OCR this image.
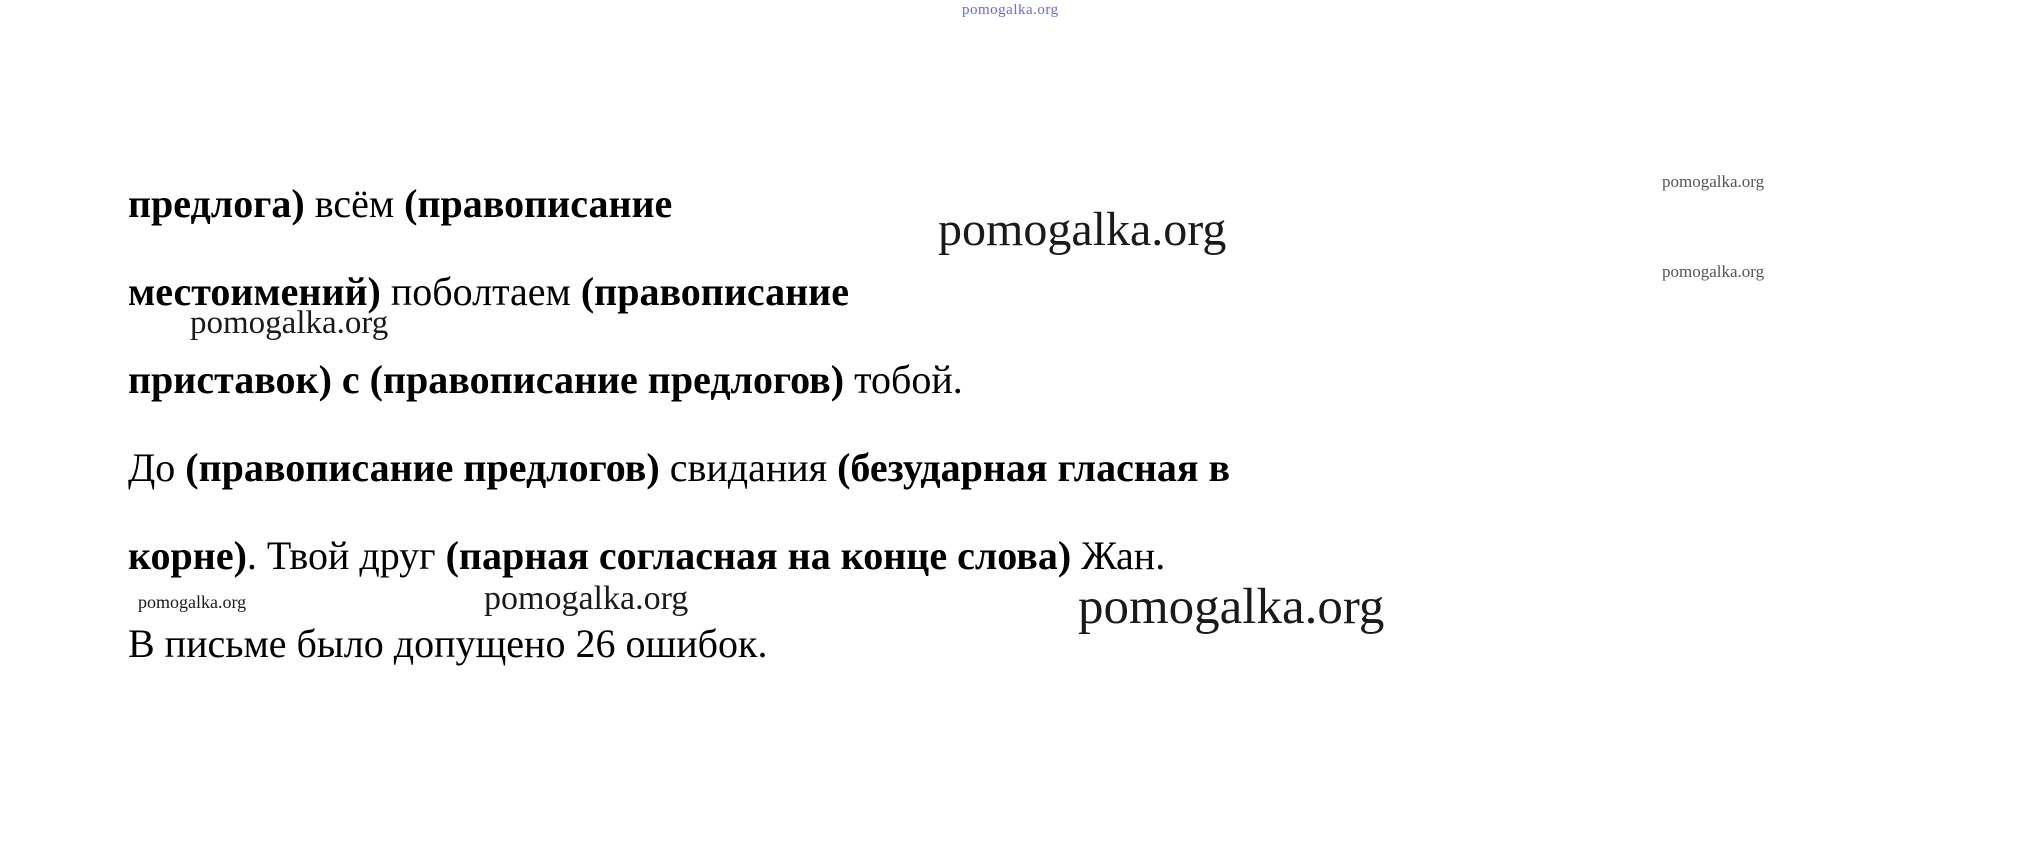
pomogalka.org
предлога) всём (правописание
местоимений) поболтаем (правописание
приставок) с (правописание предлогов) тобой.
До (правописание предлогов) свидания (безударная гласная в
корне). Твой друг (парная согласная на конце слова) Жан.
В письме было допущено 26 ошибок.
pomogalka.org
pomogalka.org
pomogalka.org
pomogalka.org
pomogalka.org	pomogalka.org	pomogalka.org
